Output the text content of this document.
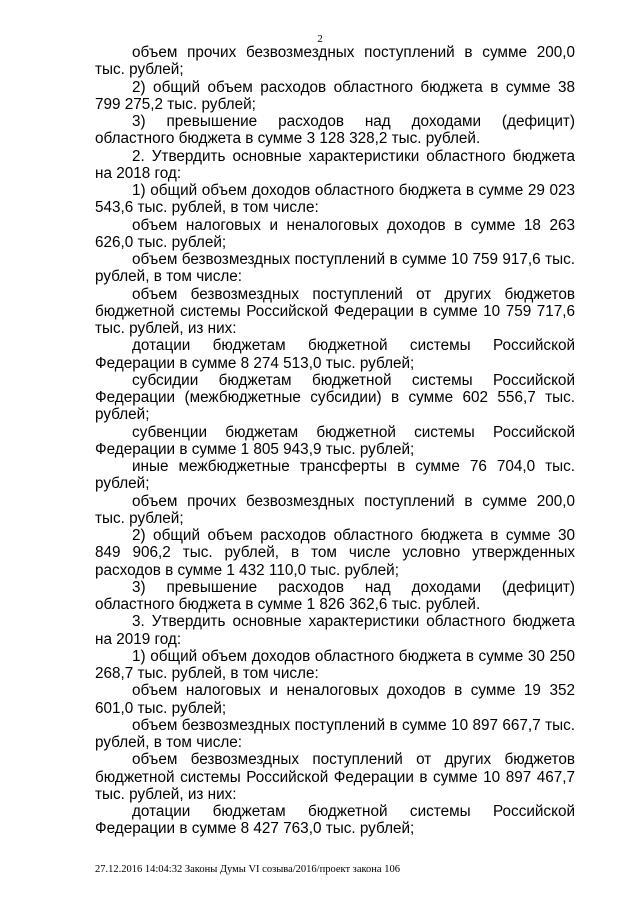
2

объем прочих безвозмездных поступлений в сумме 200,0 тыс. рублей;

2) общий объем расходов областного бюджета в сумме 38 799 275,2 тыс. рублей;

3) превышение расходов над доходами (дефицит) областного бюджета в сумме 3 128 328,2 тыс. рублей.

2. Утвердить основные характеристики областного бюджета на 2018 год:

1) общий объем доходов областного бюджета в сумме 29 023 543,6 тыс. рублей, в том числе:

объем налоговых и неналоговых доходов в сумме 18 263 626,0 тыс. рублей;

объем безвозмездных поступлений в сумме 10 759 917,6 тыс. рублей, в том числе:

объем безвозмездных поступлений от других бюджетов бюджетной системы Российской Федерации в сумме 10 759 717,6 тыс. рублей, из них:

дотации бюджетам бюджетной системы Российской Федерации в сумме 8 274 513,0 тыс. рублей;

субсидии бюджетам бюджетной системы Российской Федерации (межбюджетные субсидии) в сумме 602 556,7 тыс. рублей;

субвенции бюджетам бюджетной системы Российской Федерации в сумме 1 805 943,9 тыс. рублей;

иные межбюджетные трансферты в сумме 76 704,0 тыс. рублей;

объем прочих безвозмездных поступлений в сумме 200,0 тыс. рублей;

2) общий объем расходов областного бюджета в сумме 30 849 906,2 тыс. рублей, в том числе условно утвержденных расходов в сумме 1 432 110,0 тыс. рублей;

3) превышение расходов над доходами (дефицит) областного бюджета в сумме 1 826 362,6 тыс. рублей.

3. Утвердить основные характеристики областного бюджета на 2019 год:

1) общий объем доходов областного бюджета в сумме 30 250 268,7 тыс. рублей, в том числе:

объем налоговых и неналоговых доходов в сумме 19 352 601,0 тыс. рублей;

объем безвозмездных поступлений в сумме 10 897 667,7 тыс. рублей, в том числе:

объем безвозмездных поступлений от других бюджетов бюджетной системы Российской Федерации в сумме 10 897 467,7 тыс. рублей, из них:

дотации бюджетам бюджетной системы Российской Федерации в сумме 8 427 763,0 тыс. рублей;

27.12.2016 14:04:32 Законы Думы VI созыва/2016/проект закона 106
